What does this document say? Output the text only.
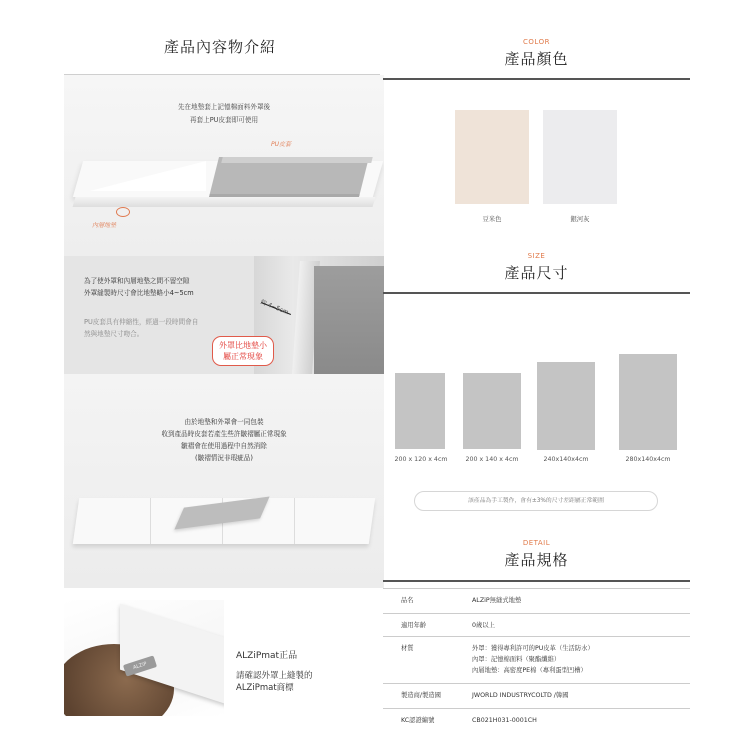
產品內容物介紹
先在地墊套上記憶棉面料外罩後
再套上PU皮套即可使用
PU皮套
內層地墊
為了使外罩和內層地墊之間不留空隙
外罩縫製時尺寸會比地墊略小4~5cm
PU皮套具有伸縮性，經過一段時間會自
然與地墊尺寸吻合。
約 4~5cm
外罩比地墊小
屬正常現象
由於地墊和外罩會一同包裝
收到產品時皮套若產生些許皺褶屬正常現象
皺褶會在使用過程中自然消除
(皺褶情況非瑕疵品)
ALZiP
ALZiPmat正品
請確認外罩上縫製的
ALZiPmat商標
COLOR
產品顏色
豆米色	銀河灰
SIZE
產品尺寸
200 x 120 x 4cm	200 x 140 x 4cm	240x140x4cm	280x140x4cm
該產品為手工製作，會有±3%的尺寸差距屬正常範圍
DETAIL
產品規格
品名	ALZiP無縫式地墊
適用年齡	0歲以上
材質	外罩：獲得專利許可的PU皮革（生活防水）
內罩：記憶棉面料（聚酯纖維）
內層地墊：高密度PE棉（專利蛋型凹槽）
製造商/製造國	JWORLD INDUSTRYCOLTD /韓國
KC認證編號	CB021H031-0001CH
